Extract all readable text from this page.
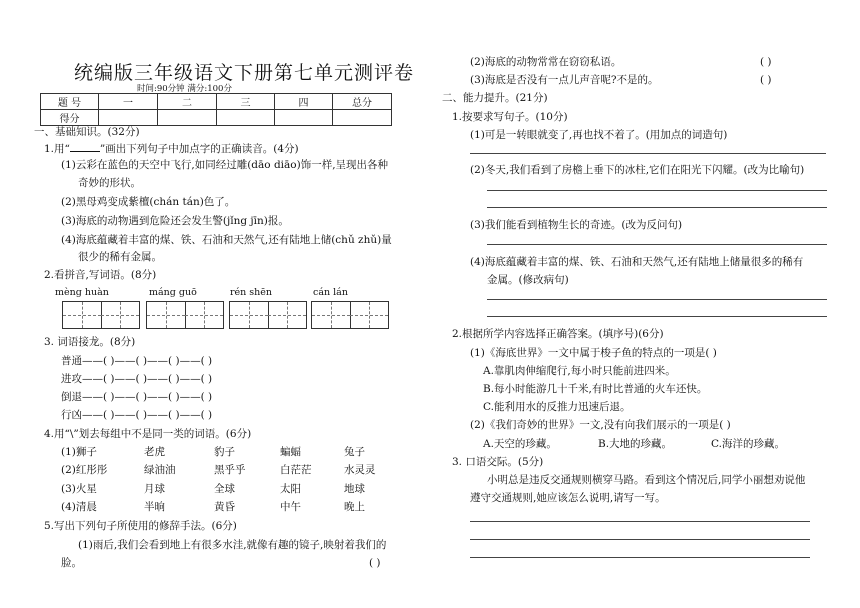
统编版三年级语文下册第七单元测评卷
时间:90分钟 满分:100分
题 号	一	二	三	四	总分
得分					
一、基础知识。(32分)
1.用“	”画出下列句子中加点字的正确读音。(4分)
(1)云彩在蓝色的天空中飞行,如同经过雕(dāo diāo)饰一样,呈现出各种
奇妙的形状。
(2)黑母鸡变成紫檀(chán tán)色了。
(3)海底的动物遇到危险还会发生警(jǐng jīn)报。
(4)海底蕴藏着丰富的煤、铁、石油和天然气,还有陆地上储(chǔ zhǔ)量
很少的稀有金属。
2.看拼音,写词语。(8分)
mèng huàn	máng guō	rén shēn	cán lán
3. 词语接龙。(8分)
普通——( )——( )——( )——( )
进攻——( )——( )——( )——( )
倒退——( )——( )——( )——( )
行凶——( )——( )——( )——( )
4.用“\”划去每组中不是同一类的词语。(6分)
(1)狮子	老虎	豹子	蝙蝠	兔子
(2)红彤彤	绿油油	黑乎乎	白茫茫	水灵灵
(3)火星	月球	全球	太阳	地球
(4)清晨	半晌	黄昏	中午	晚上
5.写出下列句子所使用的修辞手法。(6分)
(1)雨后,我们会看到地上有很多水洼,就像有趣的镜子,映射着我们的
脸。	( )
(2)海底的动物常常在窃窃私语。	( )
(3)海底是否没有一点儿声音呢?不是的。	( )
二、能力提升。(21分)
1.按要求写句子。(10分)
(1)可是一转眼就变了,再也找不着了。(用加点的词造句)
(2)冬天,我们看到了房檐上垂下的冰柱,它们在阳光下闪耀。(改为比喻句)
(3)我们能看到植物生长的奇迹。(改为反问句)
(4)海底蕴藏着丰富的煤、铁、石油和天然气,还有陆地上储量很多的稀有
金属。(修改病句)
2.根据所学内容选择正确答案。(填序号)(6分)
(1)《海底世界》一文中属于梭子鱼的特点的一项是( )
A.靠肌肉伸缩爬行,每小时只能前进四米。
B.每小时能游几十千米,有时比普通的火车还快。
C.能利用水的反推力迅速后退。
(2)《我们奇妙的世界》一文,没有向我们展示的一项是( )
A.天空的珍藏。	B.大地的珍藏。	C.海洋的珍藏。
3. 口语交际。(5分)
小明总是违反交通规则横穿马路。看到这个情况后,同学小丽想劝说他
遵守交通规则,她应该怎么说明,请写一写。
